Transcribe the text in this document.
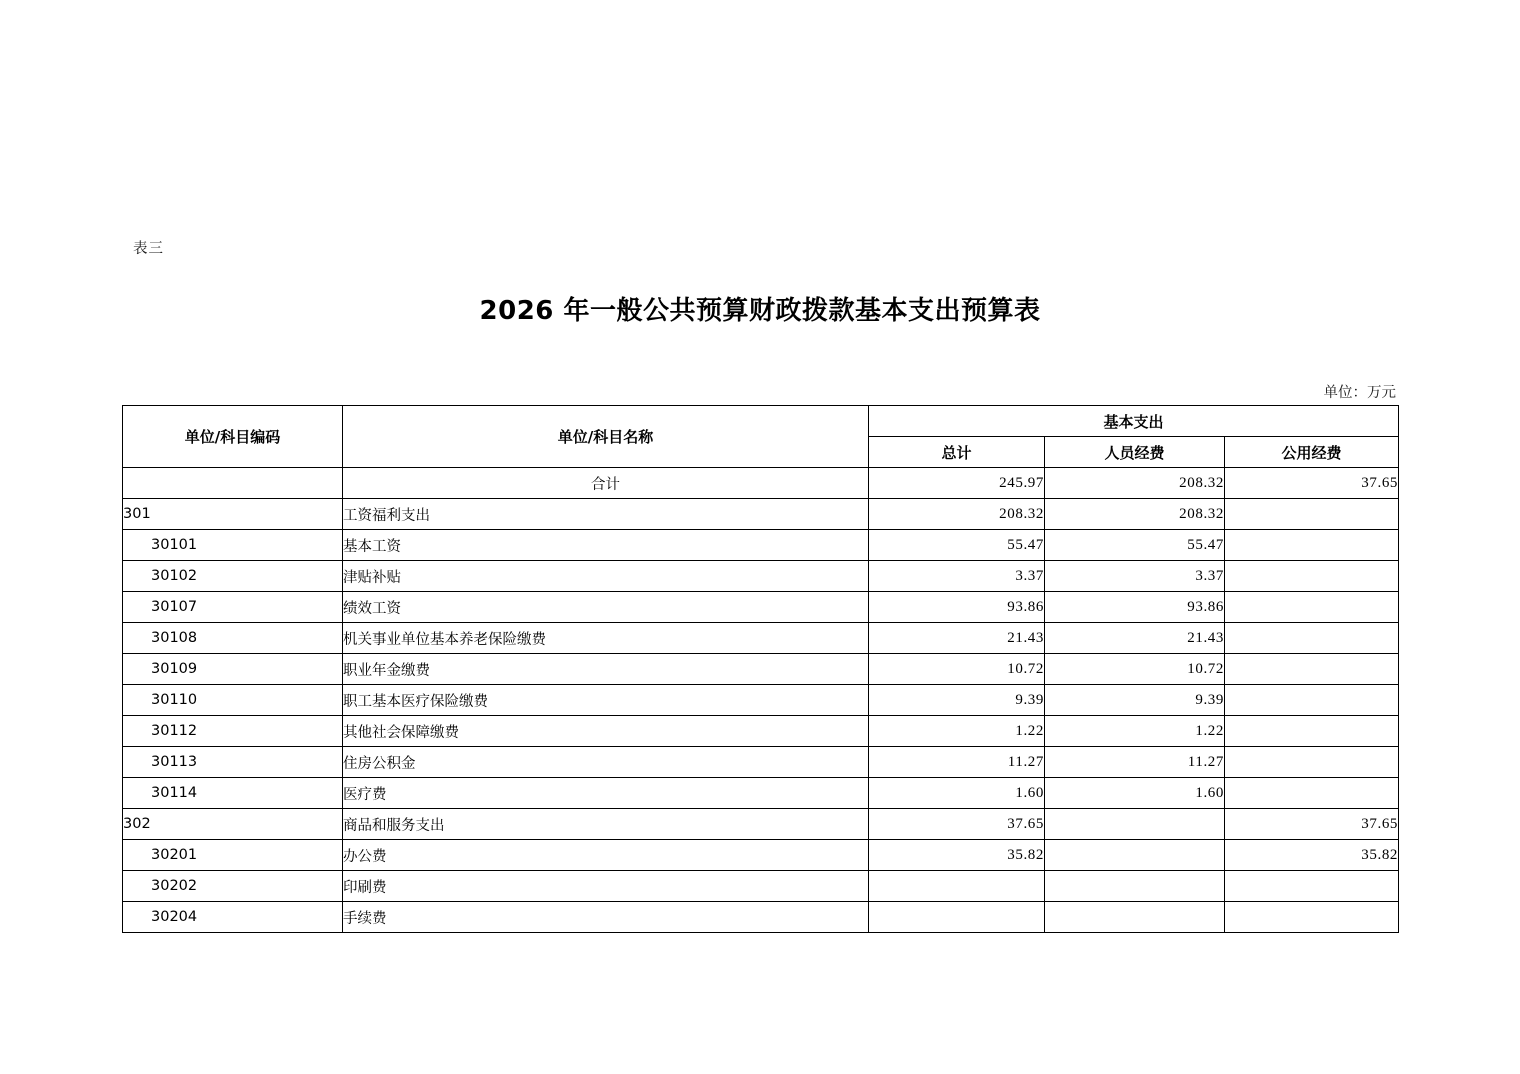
表三
2026 年一般公共预算财政拨款基本支出预算表
单位：万元
单位/科目编码	单位/科目名称	基本支出		
		总计	人员经费	公用经费
	合计	245.97	208.32	37.65
301	工资福利支出	208.32	208.32	
30101	基本工资	55.47	55.47	
30102	津贴补贴	3.37	3.37	
30107	绩效工资	93.86	93.86	
30108	机关事业单位基本养老保险缴费	21.43	21.43	
30109	职业年金缴费	10.72	10.72	
30110	职工基本医疗保险缴费	9.39	9.39	
30112	其他社会保障缴费	1.22	1.22	
30113	住房公积金	11.27	11.27	
30114	医疗费	1.60	1.60	
302	商品和服务支出	37.65		37.65
30201	办公费	35.82		35.82
30202	印刷费			
30204	手续费			
